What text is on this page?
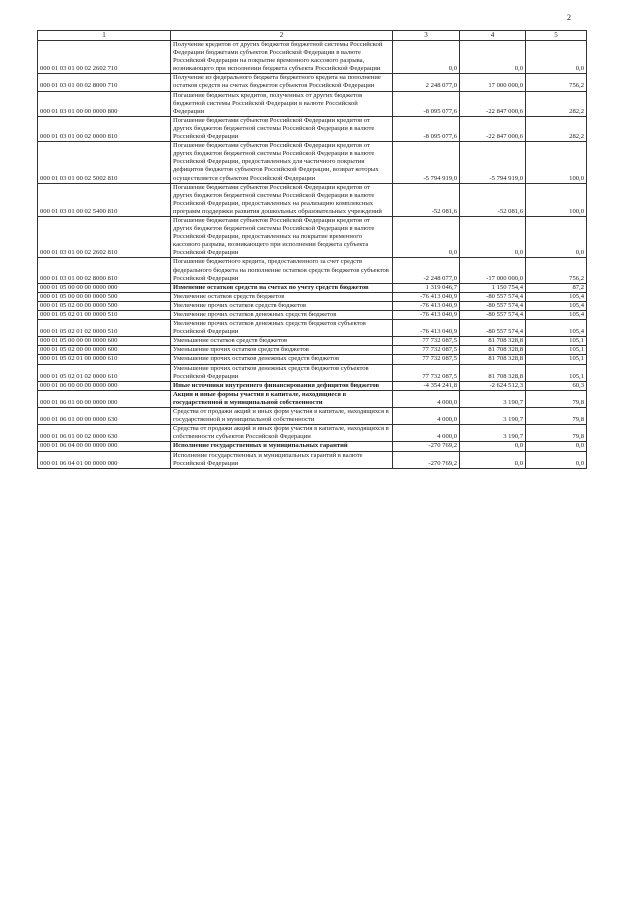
2
1	2	3	4	5
000 01 03 01 00 02 2602 710	Получение кредитов от других бюджетов бюджетной системы Российской Федерации бюджетами субъектов Российской Федерации в валюте Российской Федерации на покрытие временного кассового разрыва, возникающего при исполнении бюджета субъекта Российской Федерации	0,0	0,0	0,0
000 01 03 01 00 02 8000 710	Получение из федерального бюджета бюджетного кредита на пополнение остатков средств на счетах бюджетов субъектов Российской Федерации	2 248 077,0	17 000 000,0	756,2
000 01 03 01 00 00 0000 800	Погашение бюджетных кредитов, полученных от других бюджетов бюджетной системы Российской Федерации в валюте Российской Федерации	-8 095 077,6	-22 847 000,6	282,2
000 01 03 01 00 02 0000 810	Погашение бюджетами субъектов Российской Федерации кредитов от других бюджетов бюджетной системы Российской Федерации в валюте Российской Федерации	-8 095 077,6	-22 847 000,6	282,2
000 01 03 01 00 02 5002 810	Погашение бюджетами субъектов Российской Федерации кредитов от других бюджетов бюджетной системы Российской Федерации в валюте Российской Федерации, предоставленных для частичного покрытия дефицитов бюджетов субъектов Российской Федерации, возврат которых осуществляется субъектом Российской Федерации	-5 794 919,0	-5 794 919,0	100,0
000 01 03 01 00 02 5400 810	Погашение бюджетами субъектов Российской Федерации кредитов от других бюджетов бюджетной системы Российской Федерации в валюте Российской Федерации, предоставленных на реализацию комплексных программ поддержки развития дошкольных образовательных учреждений	-52 081,6	-52 081,6	100,0
000 01 03 01 00 02 2602 810	Погашение бюджетами субъектов Российской Федерации кредитов от других бюджетов бюджетной системы Российской Федерации в валюте Российской Федерации, предоставленных на покрытие временного кассового разрыва, возникающего при исполнении бюджета субъекта Российской Федерации	0,0	0,0	0,0
000 01 03 01 00 02 8000 810	Погашение бюджетного кредита, предоставленного за счет средств федерального бюджета на пополнение остатков средств бюджетов субъектов Российской Федерации	-2 248 077,0	-17 000 000,0	756,2
000 01 05 00 00 00 0000 000	Изменение остатков средств на счетах по учету средств бюджетов	1 319 046,7	1 150 754,4	87,2
000 01 05 00 00 00 0000 500	Увеличение остатков средств бюджетов	-76 413 040,9	-80 557 574,4	105,4
000 01 05 02 00 00 0000 500	Увеличение прочих остатков средств бюджетов	-76 413 040,9	-80 557 574,4	105,4
000 01 05 02 01 00 0000 510	Увеличение прочих остатков денежных средств бюджетов	-76 413 040,9	-80 557 574,4	105,4
000 01 05 02 01 02 0000 510	Увеличение прочих остатков денежных средств бюджетов субъектов Российской Федерации	-76 413 040,9	-80 557 574,4	105,4
000 01 05 00 00 00 0000 600	Уменьшение остатков средств бюджетов	77 732 087,5	81 708 328,8	105,1
000 01 05 02 00 00 0000 600	Уменьшение прочих остатков средств бюджетов	77 732 087,5	81 708 328,8	105,1
000 01 05 02 01 00 0000 610	Уменьшение прочих остатков денежных средств бюджетов	77 732 087,5	81 708 328,8	105,1
000 01 05 02 01 02 0000 610	Уменьшение прочих остатков денежных средств бюджетов субъектов Российской Федерации	77 732 087,5	81 708 328,8	105,1
000 01 06 00 00 00 0000 000	Иные источники внутреннего финансирования дефицитов бюджетов	-4 354 241,8	-2 624 512,3	60,3
000 01 06 01 00 00 0000 000	Акции и иные формы участия в капитале, находящиеся в государственной и муниципальной собственности	4 000,0	3 190,7	79,8
000 01 06 01 00 00 0000 630	Средства от продажи акций и иных форм участия в капитале, находящихся в государственной и муниципальной собственности	4 000,0	3 190,7	79,8
000 01 06 01 00 02 0000 630	Средства от продажи акций и иных форм участия в капитале, находящихся в собственности субъектов Российской Федерации	4 000,0	3 190,7	79,8
000 01 06 04 00 00 0000 000	Исполнение государственных и муниципальных гарантий	-270 769,2	0,0	0,0
000 01 06 04 01 00 0000 000	Исполнение государственных и муниципальных гарантий в валюте Российской Федерации	-270 769,2	0,0	0,0
